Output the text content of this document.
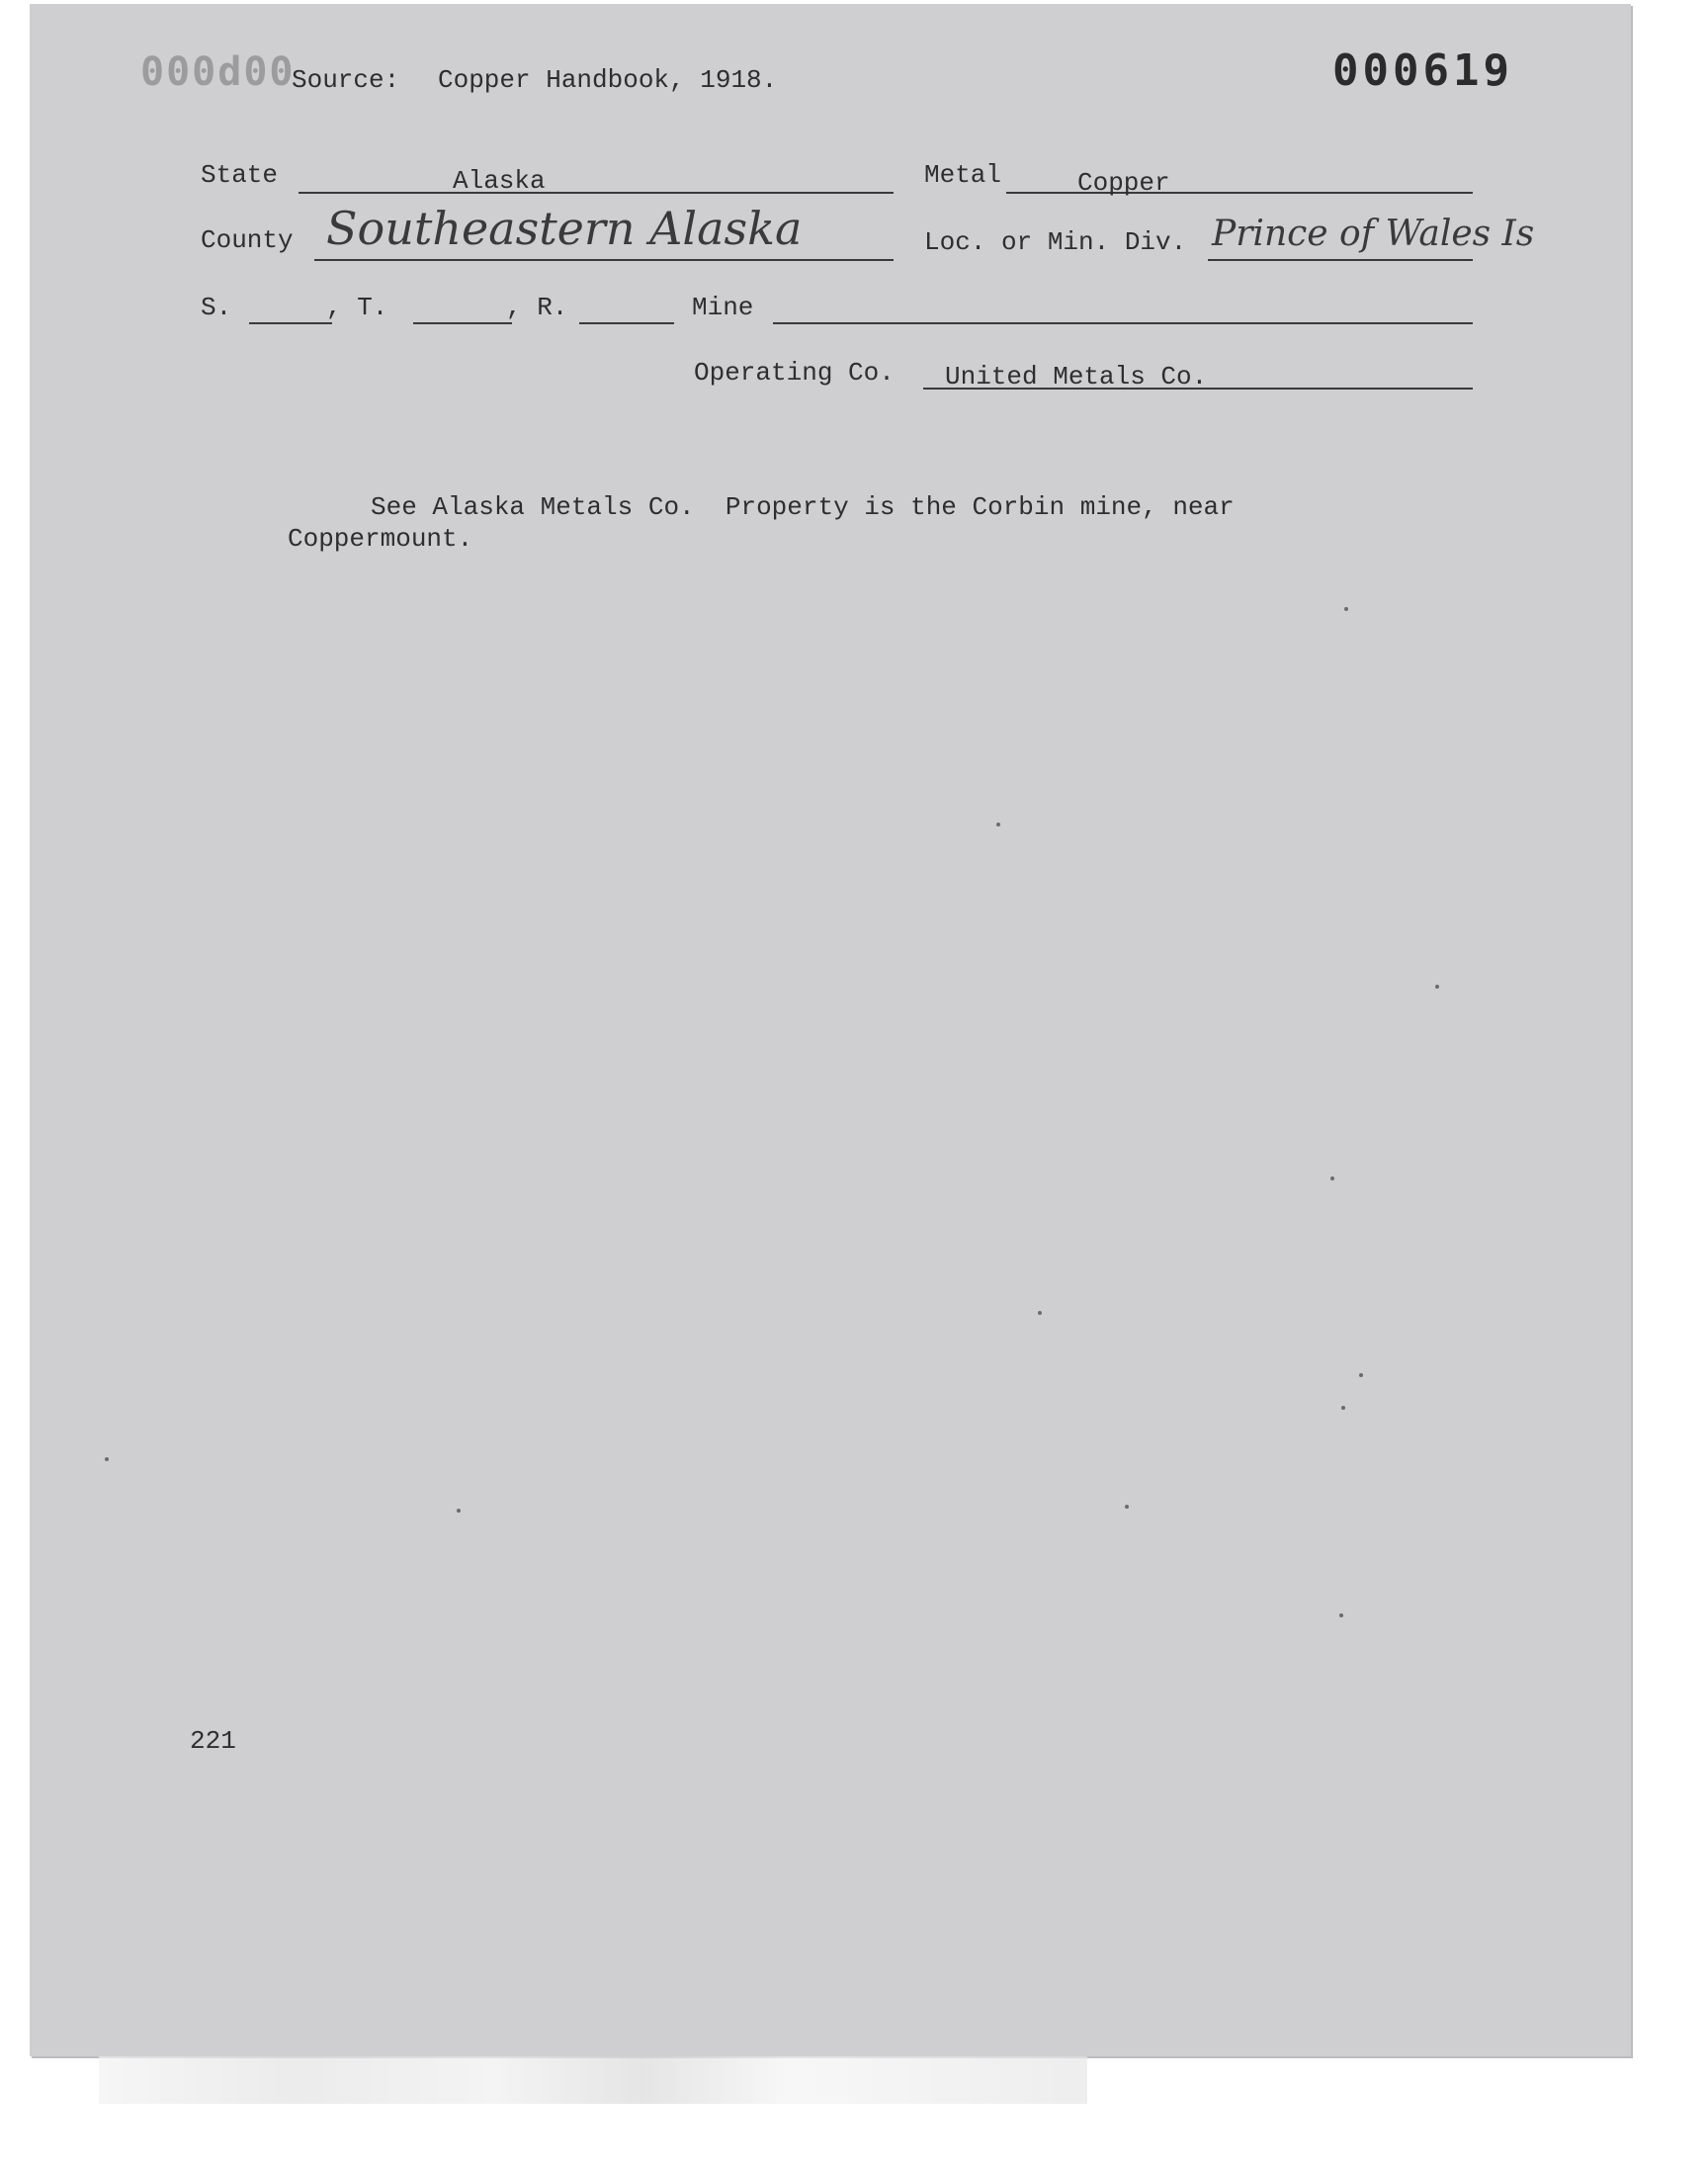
000d00
Source: Copper Handbook, 1918.	000619
State	Alaska	Metal	Copper
County Southeastern Alaska	Loc. or Min. Div. Prince of Wales Is
S.	, T.	, R.	Mine
Operating Co. United Metals Co.
See Alaska Metals Co.  Property is the Corbin mine, near
Coppermount.
221
